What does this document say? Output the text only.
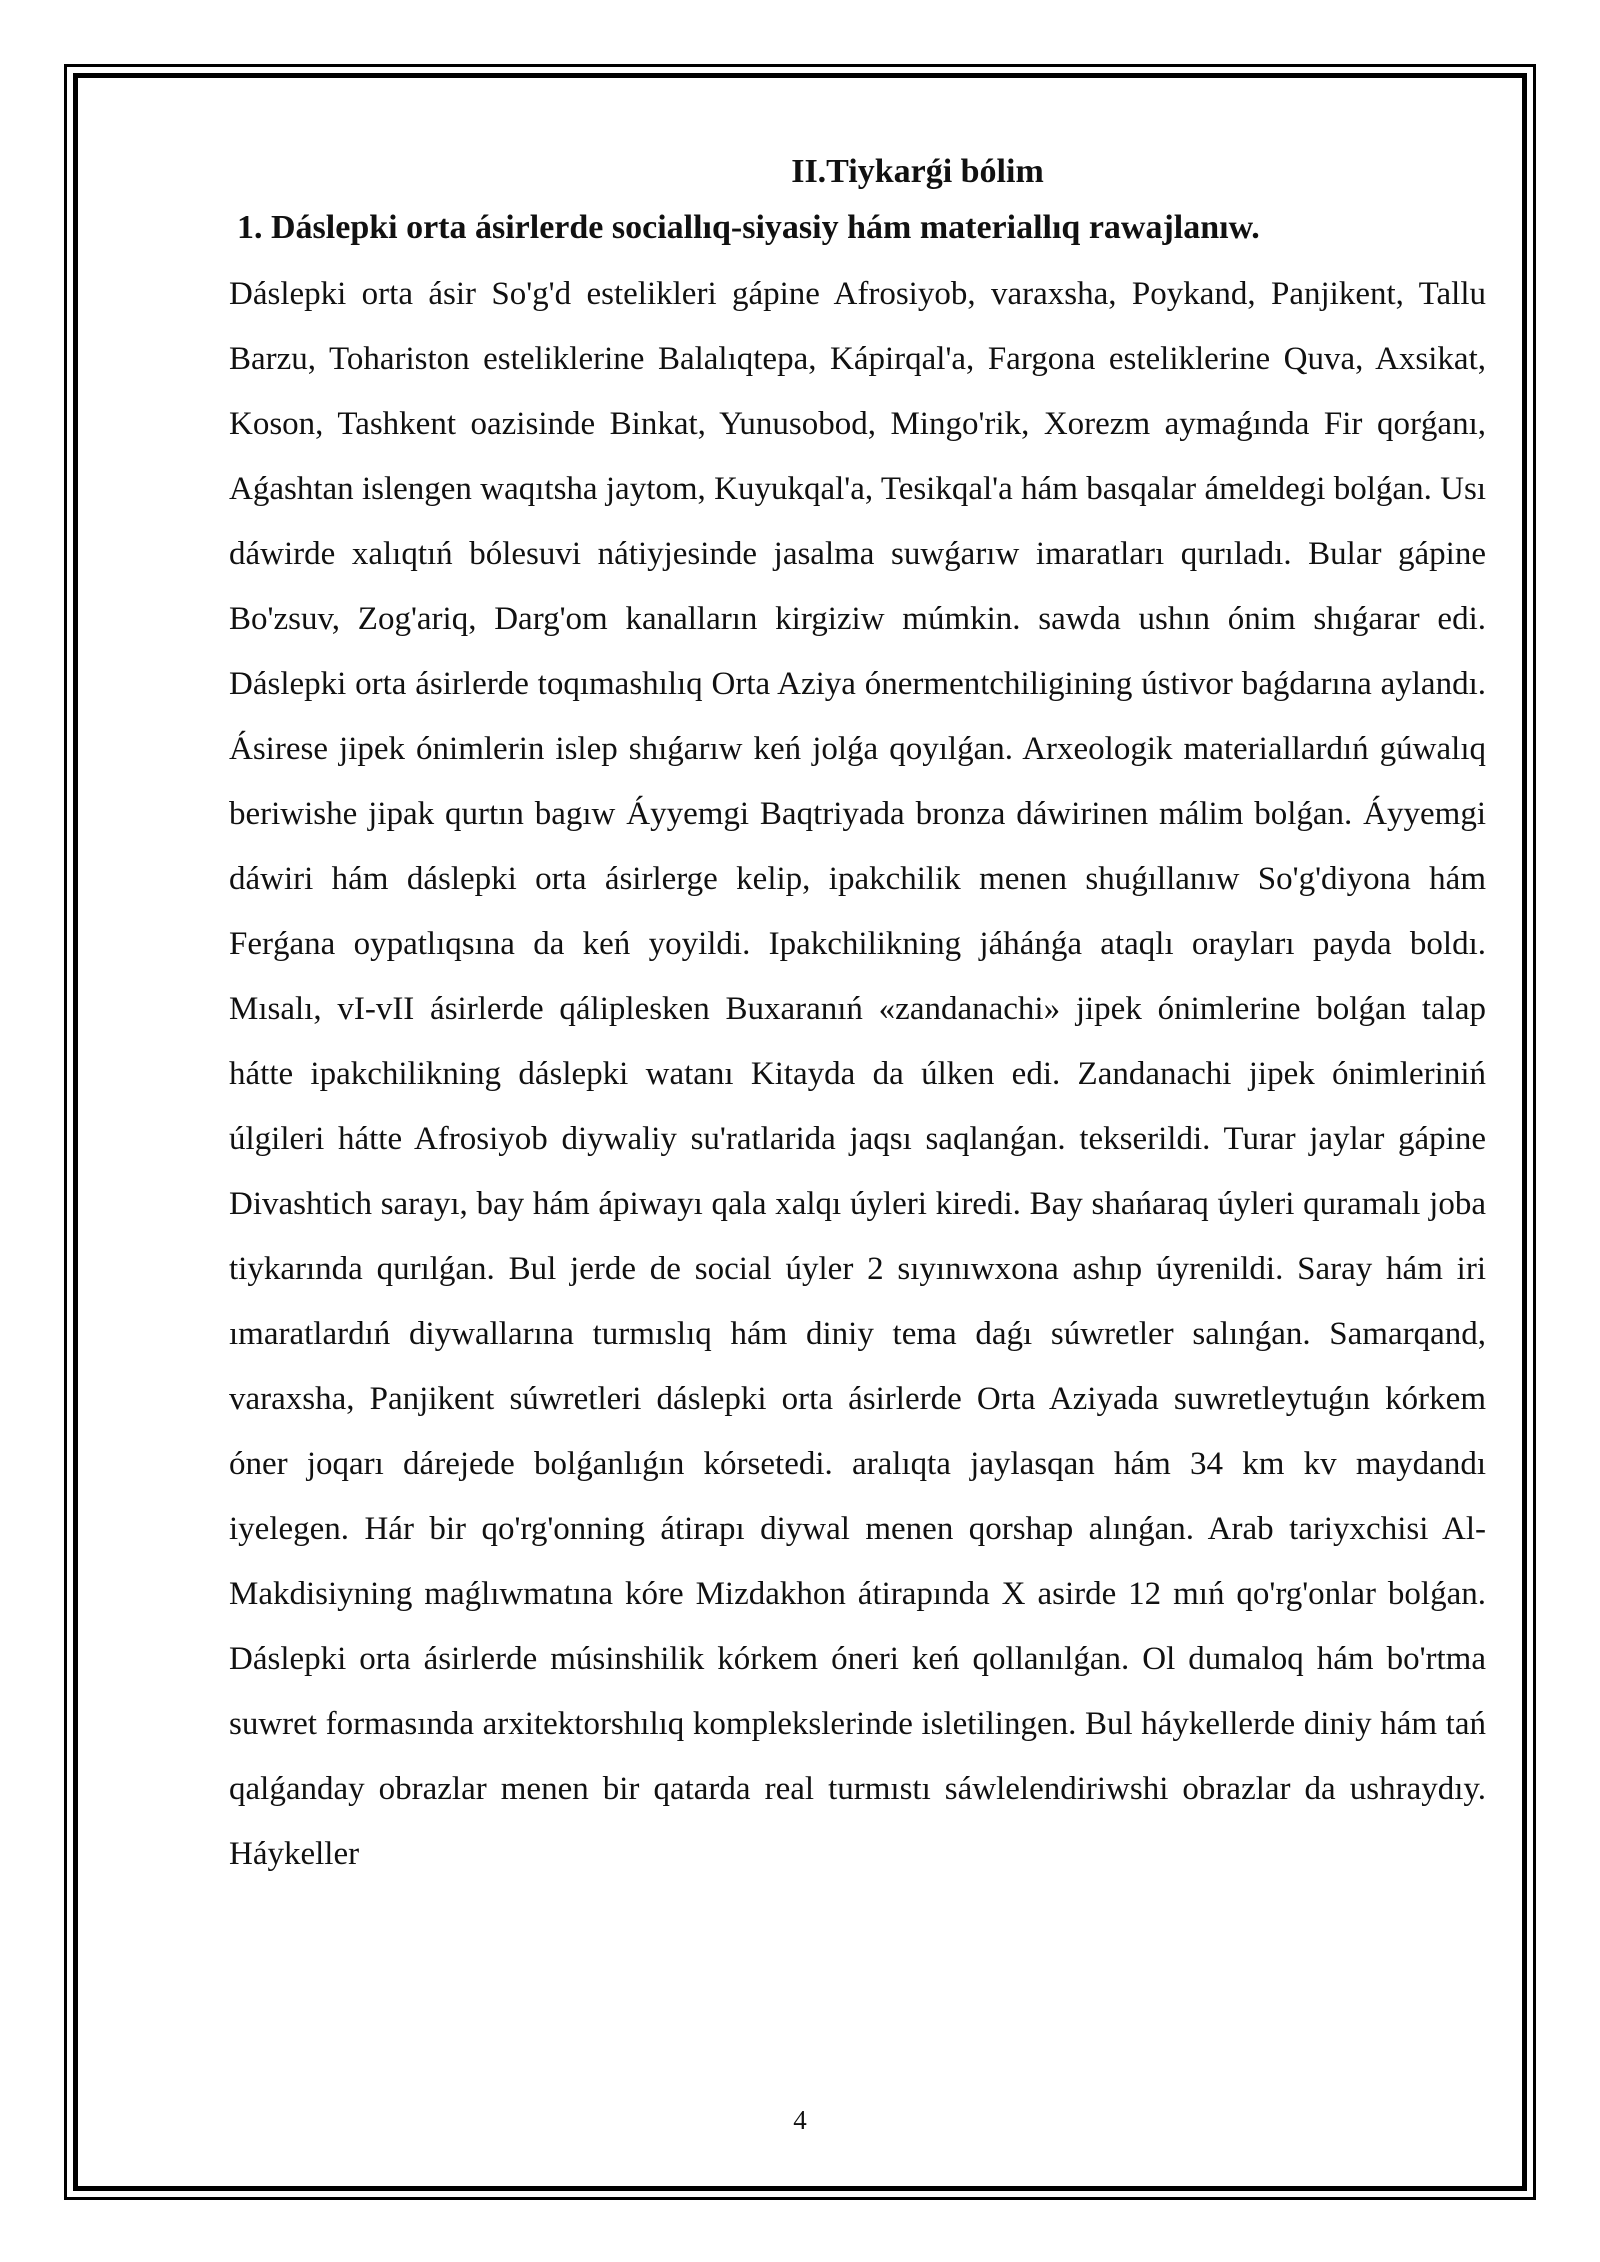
II.Tiykarǵi bólim
1. Dáslepki orta ásirlerde sociallıq-siyasiy hám materiallıq rawajlanıw.

Dáslepki orta ásir So'g'd estelikleri gápine Afrosiyob, varaxsha, Poykand, Panjikent, Tallu Barzu, Tohariston esteliklerine Balalıqtepa, Kápirqal'a, Fargona esteliklerine Quva, Axsikat, Koson, Tashkent oazisinde Binkat, Yunusobod, Mingo'rik, Xorezm aymaǵında Fir qorǵanı, Aǵashtan islengen waqıtsha jaytom, Kuyukqal'a, Tesikqal'a hám basqalar ámeldegi bolǵan. Usı dáwirde xalıqtıń bólesuvi nátiyjesinde jasalma suwǵarıw imaratları qurıladı. Bular gápine Bo'zsuv, Zog'ariq, Darg'om kanalların kirgiziw múmkin. sawda ushın ónim shıǵarar edi. Dáslepki orta ásirlerde toqımashılıq Orta Aziya ónermentchiligining ústivor baǵdarına aylandı. Ásirese jipek ónimlerin islep shıǵarıw keń jolǵa qoyılǵan. Arxeologik materiallardıń gúwalıq beriwishe jipak qurtın bagıw Áyyemgi Baqtriyada bronza dáwirinen málim bolǵan. Áyyemgi dáwiri hám dáslepki orta ásirlerge kelip, ipakchilik menen shuǵıllanıw So'g'diyona hám Ferǵana oypatlıqsına da keń yoyildi. Ipakchilikning jáhánǵa ataqlı orayları payda boldı. Mısalı, vI-vII ásirlerde qáliplesken Buxaranıń «zandanachi» jipek ónimlerine bolǵan talap hátte ipakchilikning dáslepki watanı Kitayda da úlken edi. Zandanachi jipek ónimleriniń úlgileri hátte Afrosiyob diywaliy su'ratlarida jaqsı saqlanǵan. tekserildi. Turar jaylar gápine Divashtich sarayı, bay hám ápiwayı qala xalqı úyleri kiredi. Bay shańaraq úyleri quramalı joba tiykarında qurılǵan. Bul jerde de social úyler 2 sıyınıwxona ashıp úyrenildi. Saray hám iri ımaratlardıń diywallarına turmıslıq hám diniy tema daǵı súwretler salınǵan. Samarqand, varaxsha, Panjikent súwretleri dáslepki orta ásirlerde Orta Aziyada suwretleytuǵın kórkem óner joqarı dárejede bolǵanlıǵın kórsetedi. aralıqta jaylasqan hám 34 km kv maydandı iyelegen. Hár bir qo'rg'onning átirapı diywal menen qorshap alınǵan. Arab tariyxchisi Al-Makdisiyning maǵlıwmatına kóre Mizdakhon átirapında X asirde 12 mıń qo'rg'onlar bolǵan. Dáslepki orta ásirlerde músinshilik kórkem óneri keń qollanılǵan. Ol dumaloq hám bo'rtma suwret formasında arxitektorshılıq komplekslerinde isletilingen. Bul háykellerde diniy hám tań qalǵanday obrazlar menen bir qatarda real turmıstı sáwlelendiriwshi obrazlar da ushraydıy. Háykeller

4
